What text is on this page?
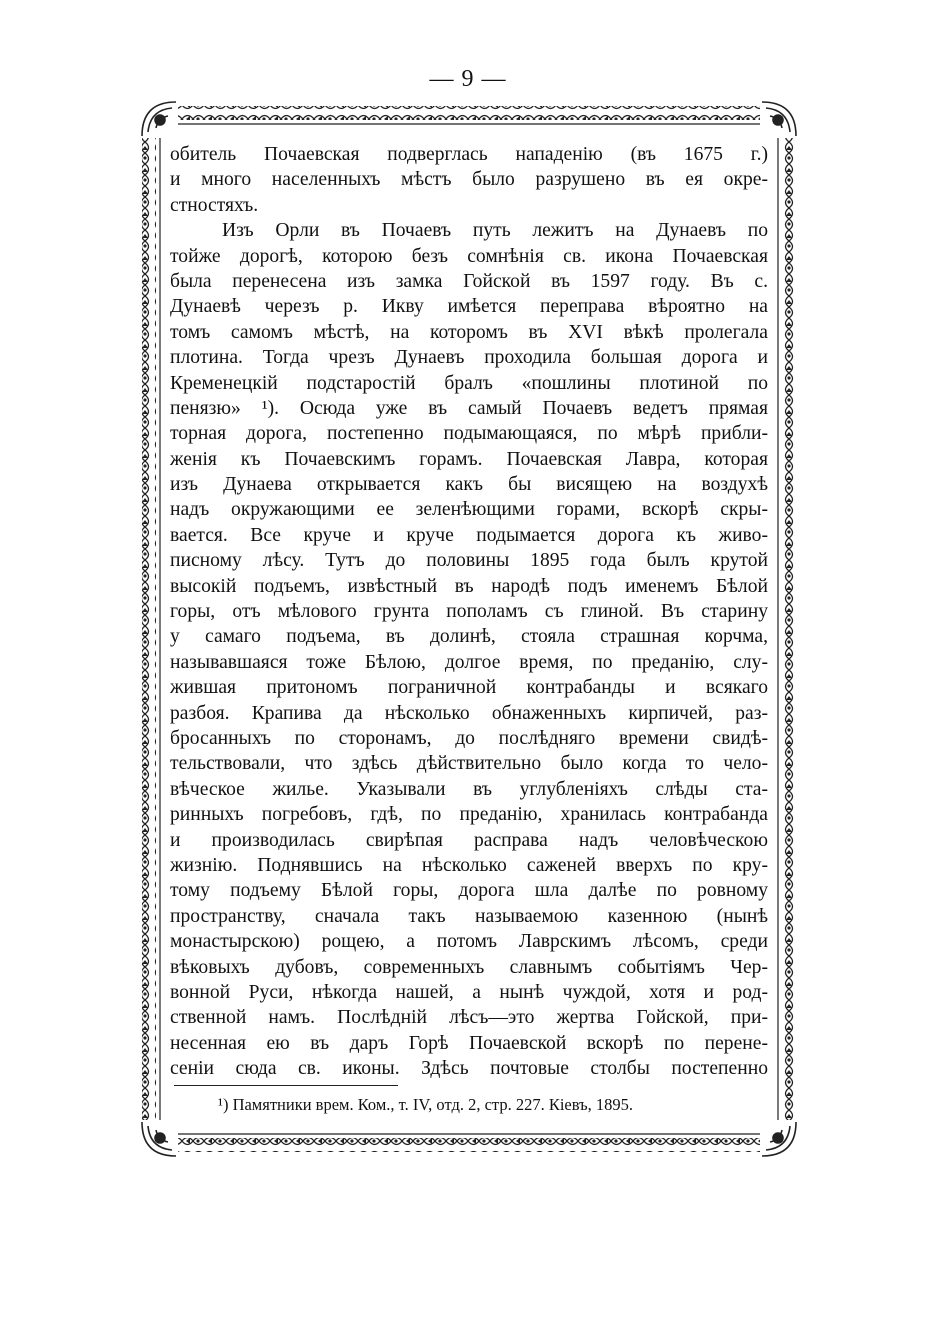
— 9 —
обитель Почаевская подверглась нападенію (въ 1675 г.)
и много населенныхъ мѣстъ было разрушено въ ея окре-
стностяхъ.
Изъ Орли въ Почаевъ путь лежитъ на Дунаевъ по
тойже дорогѣ, которою безъ сомнѣнія св. икона Почаевская
была перенесена изъ замка Гойской въ 1597 году. Въ с.
Дунаевѣ черезъ р. Икву имѣется переправа вѣроятно на
томъ самомъ мѣстѣ, на которомъ въ XVI вѣкѣ пролегала
плотина. Тогда чрезъ Дунаевъ проходила большая дорога и
Кременецкій подстаростій бралъ «пошлины плотиной по
пенязю» ¹). Осюда уже въ самый Почаевъ ведетъ прямая
торная дорога, постепенно подымающаяся, по мѣрѣ прибли-
женія къ Почаевскимъ горамъ. Почаевская Лавра, которая
изъ Дунаева открывается какъ бы висящею на воздухѣ
надъ окружающими ее зеленѣющими горами, вскорѣ скры-
вается. Все круче и круче подымается дорога къ живо-
писному лѣсу. Тутъ до половины 1895 года былъ крутой
высокій подъемъ, извѣстный въ народѣ подъ именемъ Бѣлой
горы, отъ мѣлового грунта пополамъ съ глиной. Въ старину
у самаго подъема, въ долинѣ, стояла страшная корчма,
называвшаяся тоже Бѣлою, долгое время, по преданію, слу-
жившая притономъ пограничной контрабанды и всякаго
разбоя. Крапива да нѣсколько обнаженныхъ кирпичей, раз-
бросанныхъ по сторонамъ, до послѣдняго времени свидѣ-
тельствовали, что здѣсь дѣйствительно было когда то чело-
вѣческое жилье. Указывали въ углубленіяхъ слѣды ста-
ринныхъ погребовъ, гдѣ, по преданію, хранилась контрабанда
и производилась свирѣпая расправа надъ человѣческою
жизнію. Поднявшись на нѣсколько саженей вверхъ по кру-
тому подъему Бѣлой горы, дорога шла далѣе по ровному
пространству, сначала такъ называемою казенною (нынѣ
монастырскою) рощею, а потомъ Лаврскимъ лѣсомъ, среди
вѣковыхъ дубовъ, современныхъ славнымъ событіямъ Чер-
вонной Руси, нѣкогда нашей, а нынѣ чуждой, хотя и род-
ственной намъ. Послѣдній лѣсъ—это жертва Гойской, при-
несенная ею въ даръ Горѣ Почаевской вскорѣ по перене-
сеніи сюда св. иконы. Здѣсь почтовые столбы постепенно
¹) Памятники врем. Ком., т. IV, отд. 2, стр. 227. Кіевъ, 1895.
